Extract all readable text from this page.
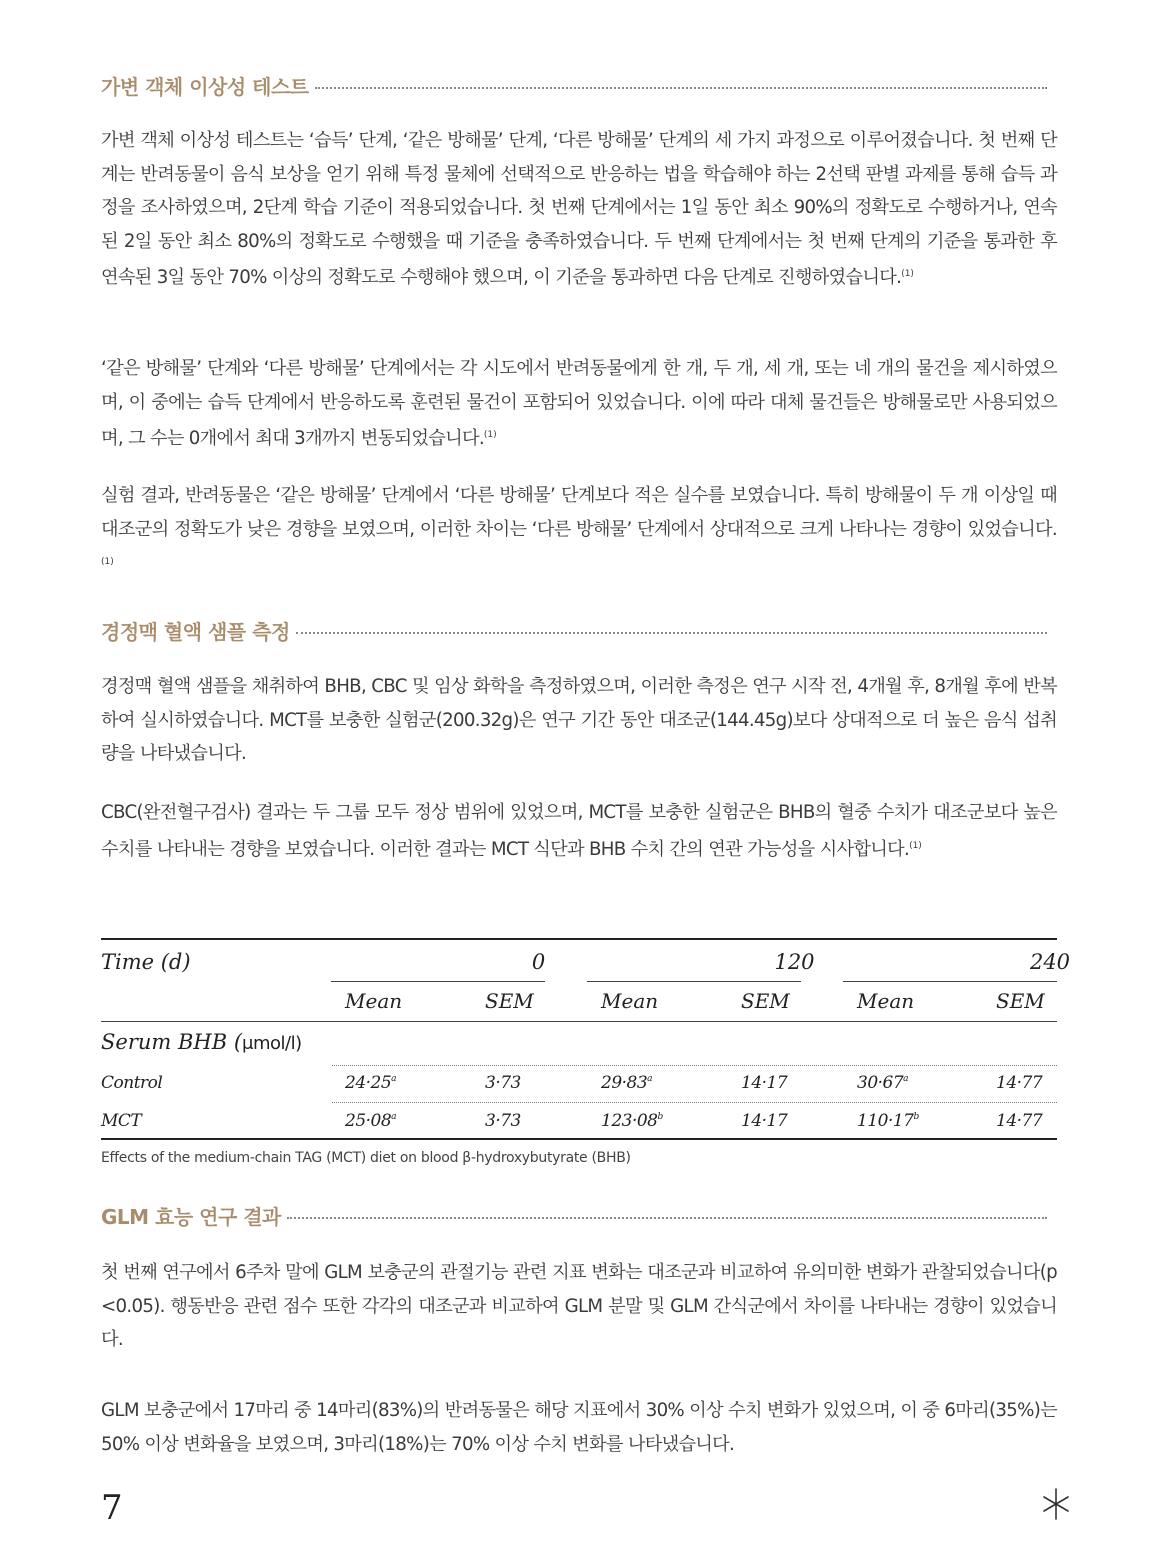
가변 객체 이상성 테스트
가변 객체 이상성 테스트는 ‘습득’ 단계, ‘같은 방해물’ 단계, ‘다른 방해물’ 단계의 세 가지 과정으로 이루어졌습니다. 첫 번째 단계는 반려동물이 음식 보상을 얻기 위해 특정 물체에 선택적으로 반응하는 법을 학습해야 하는 2선택 판별 과제를 통해 습득 과정을 조사하였으며, 2단계 학습 기준이 적용되었습니다. 첫 번째 단계에서는 1일 동안 최소 90%의 정확도로 수행하거나, 연속된 2일 동안 최소 80%의 정확도로 수행했을 때 기준을 충족하였습니다. 두 번째 단계에서는 첫 번째 단계의 기준을 통과한 후 연속된 3일 동안 70% 이상의 정확도로 수행해야 했으며, 이 기준을 통과하면 다음 단계로 진행하였습니다.$^{(1)}$
‘같은 방해물’ 단계와 ‘다른 방해물’ 단계에서는 각 시도에서 반려동물에게 한 개, 두 개, 세 개, 또는 네 개의 물건을 제시하였으며, 이 중에는 습득 단계에서 반응하도록 훈련된 물건이 포함되어 있었습니다. 이에 따라 대체 물건들은 방해물로만 사용되었으며, 그 수는 0개에서 최대 3개까지 변동되었습니다.$^{(1)}$
실험 결과, 반려동물은 ‘같은 방해물’ 단계에서 ‘다른 방해물’ 단계보다 적은 실수를 보였습니다. 특히 방해물이 두 개 이상일 때 대조군의 정확도가 낮은 경향을 보였으며, 이러한 차이는 ‘다른 방해물’ 단계에서 상대적으로 크게 나타나는 경향이 있었습니다.$^{(1)}$
경정맥 혈액 샘플 측정
경정맥 혈액 샘플을 채취하여 BHB, CBC 및 임상 화학을 측정하였으며, 이러한 측정은 연구 시작 전, 4개월 후, 8개월 후에 반복하여 실시하였습니다. MCT를 보충한 실험군(200.32g)은 연구 기간 동안 대조군(144.45g)보다 상대적으로 더 높은 음식 섭취량을 나타냈습니다.
CBC(완전혈구검사) 결과는 두 그룹 모두 정상 범위에 있었으며, MCT를 보충한 실험군은 BHB의 혈중 수치가 대조군보다 높은 수치를 나타내는 경향을 보였습니다. 이러한 결과는 MCT 식단과 BHB 수치 간의 연관 가능성을 시사합니다.$^{(1)}$
Time (d)	0	120	240
Mean	SEM	Mean	SEM	Mean	SEM
Serum BHB (μmol/l)
Control	$24\cdot 25^a$	3·73	$29\cdot 83^a$	14·17	$30\cdot 67^a$	14·77
MCT	$25\cdot 08^a$	3·73	$123\cdot 08^b$	14·17	$110\cdot 17^b$	14·77
Effects of the medium-chain TAG (MCT) diet on blood β-hydroxybutyrate (BHB)
GLM 효능 연구 결과
첫 번째 연구에서 6주차 말에 GLM 보충군의 관절기능 관련 지표 변화는 대조군과 비교하여 유의미한 변화가 관찰되었습니다(p <0.05). 행동반응 관련 점수 또한 각각의 대조군과 비교하여 GLM 분말 및 GLM 간식군에서 차이를 나타내는 경향이 있었습니다.
GLM 보충군에서 17마리 중 14마리(83%)의 반려동물은 해당 지표에서 30% 이상 수치 변화가 있었으며, 이 중 6마리(35%)는 50% 이상 변화율을 보였으며, 3마리(18%)는 70% 이상 수치 변화를 나타냈습니다.
7
